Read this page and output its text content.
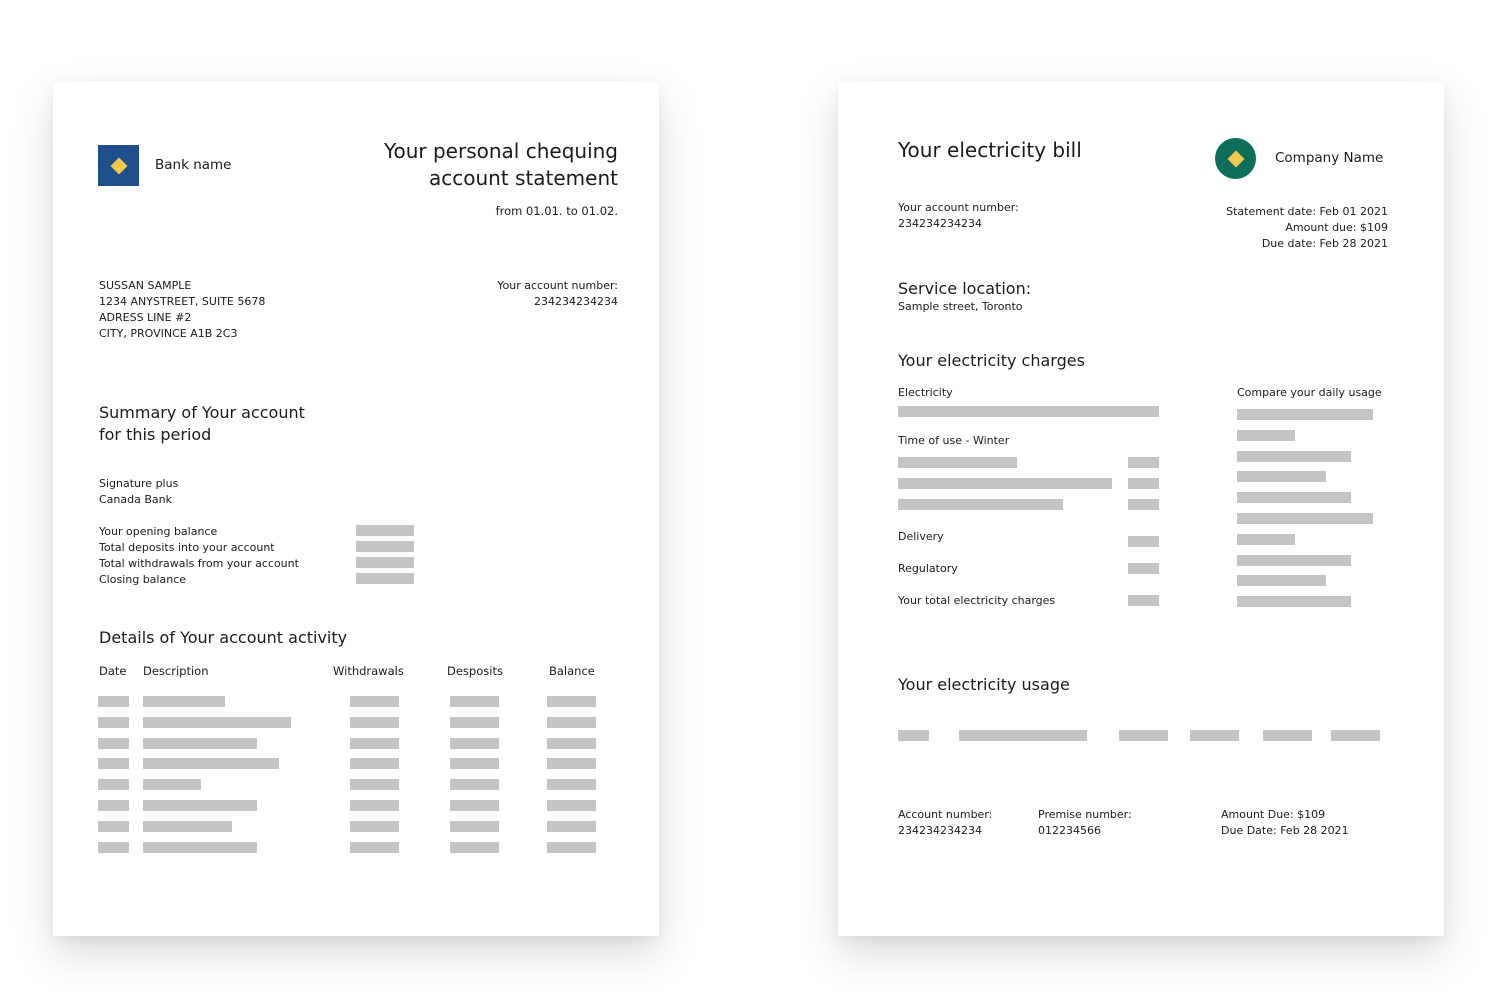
Bank name
Your personal chequing
account statement
from 01.01. to 01.02.
SUSSAN SAMPLE
1234 ANYSTREET, SUITE 5678
ADRESS LINE #2
CITY, PROVINCE A1B 2C3
Your account number:
234234234234
Summary of Your account
for this period
Signature plus
Canada Bank
Your opening balance
Total deposits into your account
Total withdrawals from your account
Closing balance
Details of Your account activity
Date Description	Withdrawals	Desposits	Balance
Your electricity bill	Company Name
Your account number:
234234234234
Statement date: Feb 01 2021
Amount due: $109
Due date: Feb 28 2021
Service location:
Sample street, Toronto
Your electricity charges
Electricity	Compare your daily usage
Time of use - Winter
Delivery
Regulatory
Your total electricity charges
Your electricity usage
Account number:
234234234234
Premise number:
012234566
Amount Due: $109
Due Date: Feb 28 2021
